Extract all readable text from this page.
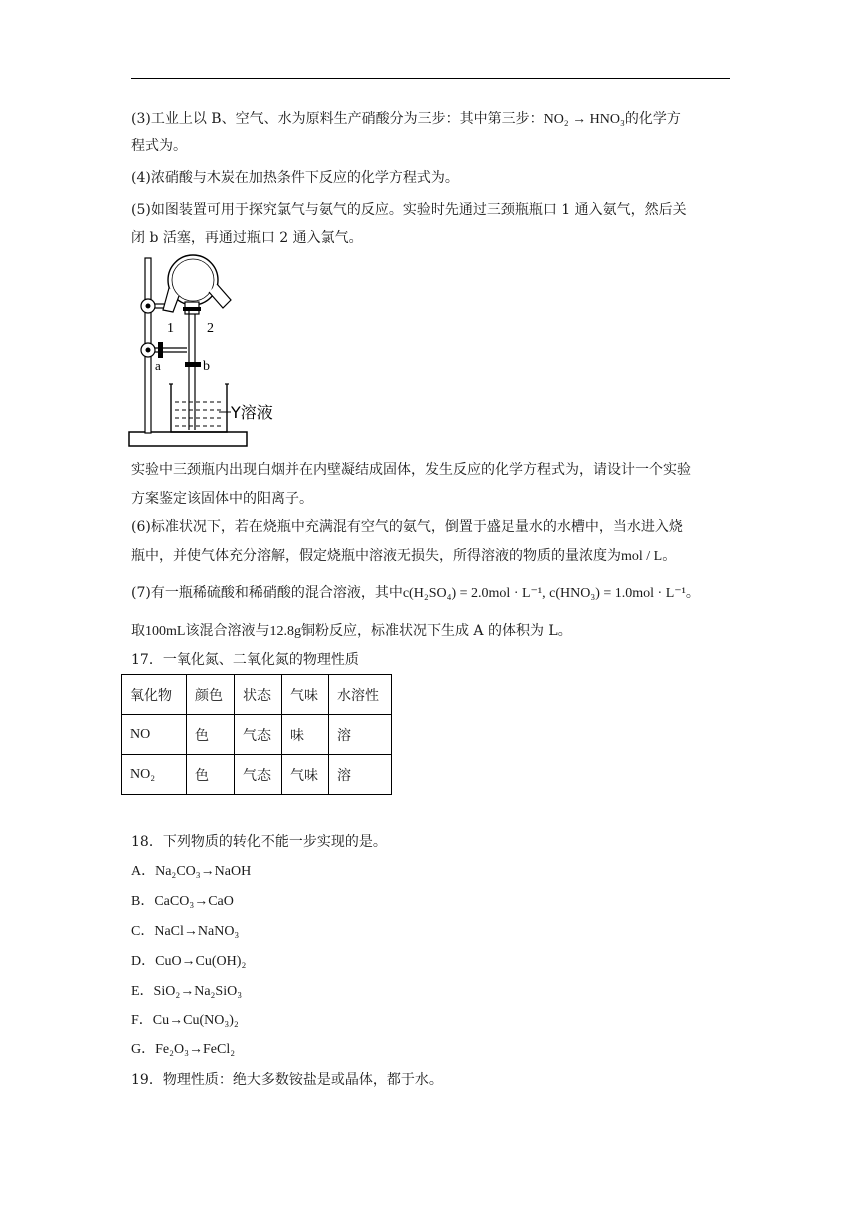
(3)工业上以 B、空气、水为原料生产硝酸分为三步：其中第三步：NO₂ → HNO₃的化学方
程式为。
(4)浓硝酸与木炭在加热条件下反应的化学方程式为。
(5)如图装置可用于探究氯气与氨气的反应。实验时先通过三颈瓶瓶口 1 通入氨气，然后关
闭 b 活塞，再通过瓶口 2 通入氯气。
1 2
a	b
Y溶液
实验中三颈瓶内出现白烟并在内壁凝结成固体，发生反应的化学方程式为，请设计一个实验
方案鉴定该固体中的阳离子。
(6)标准状况下，若在烧瓶中充满混有空气的氨气，倒置于盛足量水的水槽中，当水进入烧
瓶中，并使气体充分溶解，假定烧瓶中溶液无损失，所得溶液的物质的量浓度为mol / L。
(7)有一瓶稀硫酸和稀硝酸的混合溶液，其中c(H₂SO₄) = 2.0mol · L⁻¹, c(HNO₃) = 1.0mol · L⁻¹。
取100mL该混合溶液与12.8g铜粉反应，标准状况下生成 A 的体积为 L。
17．一氧化氮、二氧化氮的物理性质
氧化物	颜色	状态	气味	水溶性
NO	色	气态	味	溶
NO₂	色	气态	气味	溶
18．下列物质的转化不能一步实现的是。
A．Na₂CO₃→NaOH
B．CaCO₃→CaO
C．NaCl→NaNO₃
D．CuO→Cu(OH)₂
E．SiO₂→Na₂SiO₃
F．Cu→Cu(NO₃)₂
G．Fe₂O₃→FeCl₂
19．物理性质：绝大多数铵盐是或晶体，都于水。
